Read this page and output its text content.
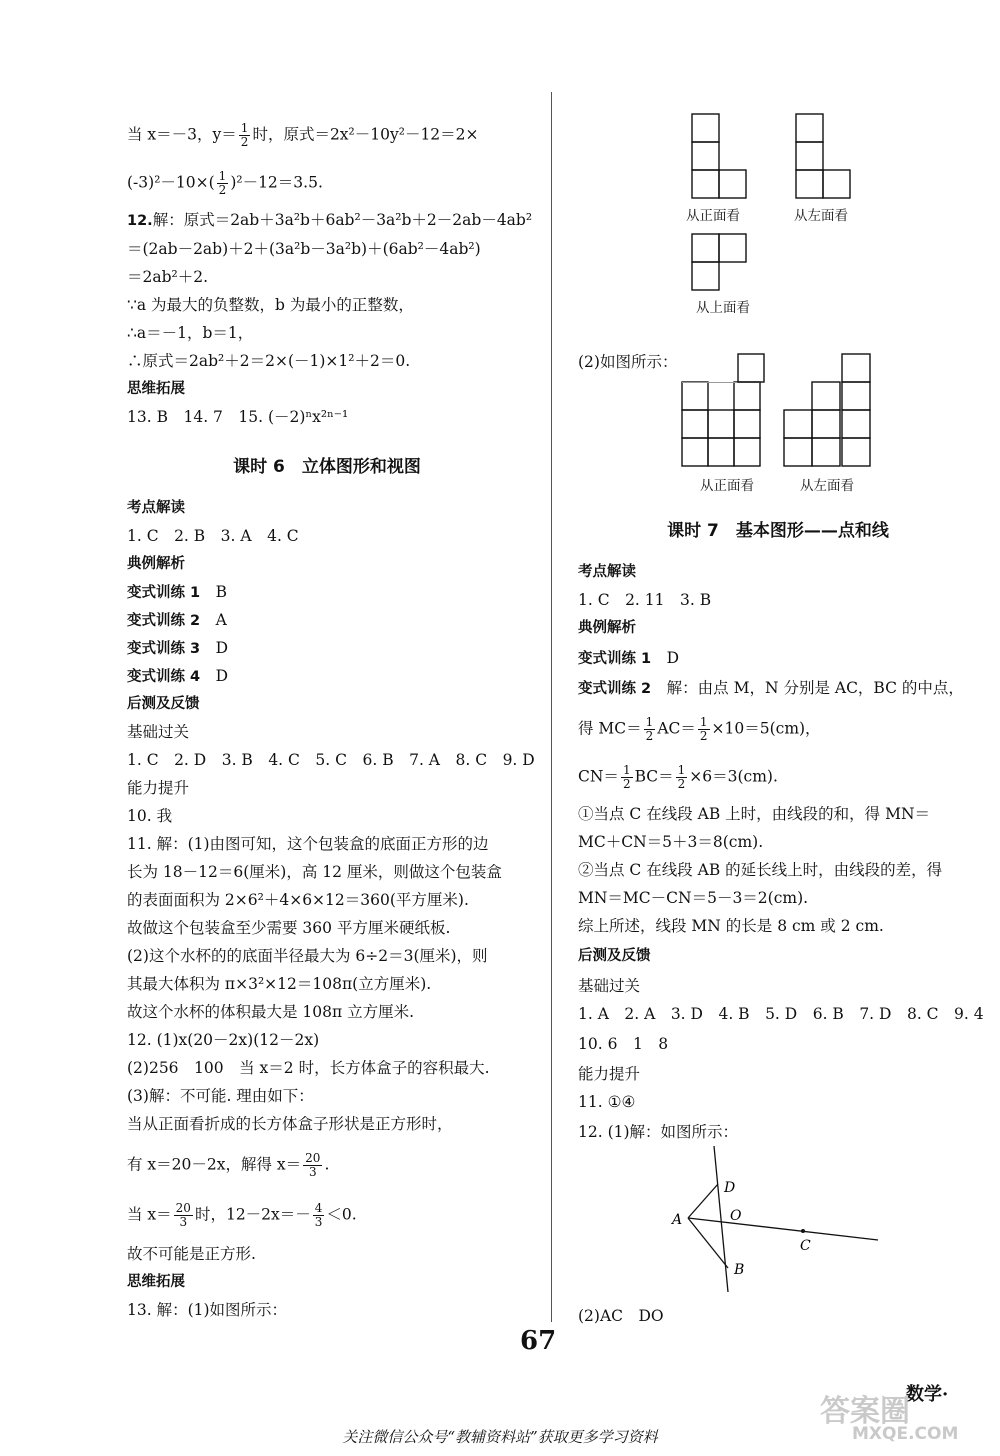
当 x＝－3，$y= \frac{1}{2}$ 时，原式＝2x²－10y²－12＝2×
$(-3)^2-10\times( \frac{1}{2} )^2-12=3.5$.
12.解：原式＝2ab＋3a²b＋6ab²－3a²b＋2－2ab－4ab²
＝(2ab－2ab)＋2＋(3a²b－3a²b)＋(6ab²－4ab²)
＝2ab²＋2.
∵a 为最大的负整数，b 为最小的正整数，
∴a＝－1，b＝1，
∴原式＝2ab²＋2＝2×(－1)×1²＋2＝0.
思维拓展
13. B　14. 7　15. (－2)ⁿx²ⁿ⁻¹
课时 6　立体图形和视图
考点解读
1. C　2. B　3. A　4. C
典例解析
变式训练 1　 B
变式训练 2　 A
变式训练 3　 D
变式训练 4　 D
后测及反馈
基础过关
1. C　2. D　3. B　4. C　5. C　6. B　7. A　8. C　9. D
能力提升
10. 我
11. 解：(1)由图可知，这个包装盒的底面正方形的边
长为 18－12＝6(厘米)，高 12 厘米，则做这个包装盒
的表面面积为 2×6²＋4×6×12＝360(平方厘米).
故做这个包装盒至少需要 360 平方厘米硬纸板.
(2)这个水杯的的底面半径最大为 6÷2＝3(厘米)，则
其最大体积为 π×3²×12＝108π(立方厘米).
故这个水杯的体积最大是 108π 立方厘米.
12. (1)x(20－2x)(12－2x)
(2)256　100　当 x＝2 时，长方体盒子的容积最大.
(3)解：不可能. 理由如下：
当从正面看折成的长方体盒子形状是正方形时，
有 x＝20－2x，解得 $x= \frac{20}{3}$ .
当 $x= \frac{20}{3}$ 时，$12-2x=- \frac{4}{3} <0$.
故不可能是正方形.
思维拓展
13. 解：(1)如图所示：
从正面看	从左面看
从上面看
(2)如图所示：
从正面看	从左面看
课时 7　基本图形——点和线
考点解读
1. C　2. 11　3. B
典例解析
变式训练 1　 D
变式训练 2　 解：由点 M，N 分别是 AC，BC 的中点，
得 $MC= \frac{1}{2} AC= \frac{1}{2} \times 10=5(cm)$，
$CN= \frac{1}{2} BC= \frac{1}{2} \times 6=3(cm)$.
①当点 C 在线段 AB 上时，由线段的和，得 MN＝
MC＋CN＝5＋3＝8(cm).
②当点 C 在线段 AB 的延长线上时，由线段的差，得
MN＝MC－CN＝5－3＝2(cm).
综上所述，线段 MN 的长是 8 cm 或 2 cm.
后测及反馈
基础过关
1. A　2. A　3. D　4. B　5. D　6. B　7. D　8. C　9. 4
10. 6　1　8
能力提升
11. ①④
12. (1)解：如图所示：
D
O
A
C
B
(2)AC　DO
67
数学·
答案圈
MXQE.COM
关注微信公众号“教辅资料站”获取更多学习资料
